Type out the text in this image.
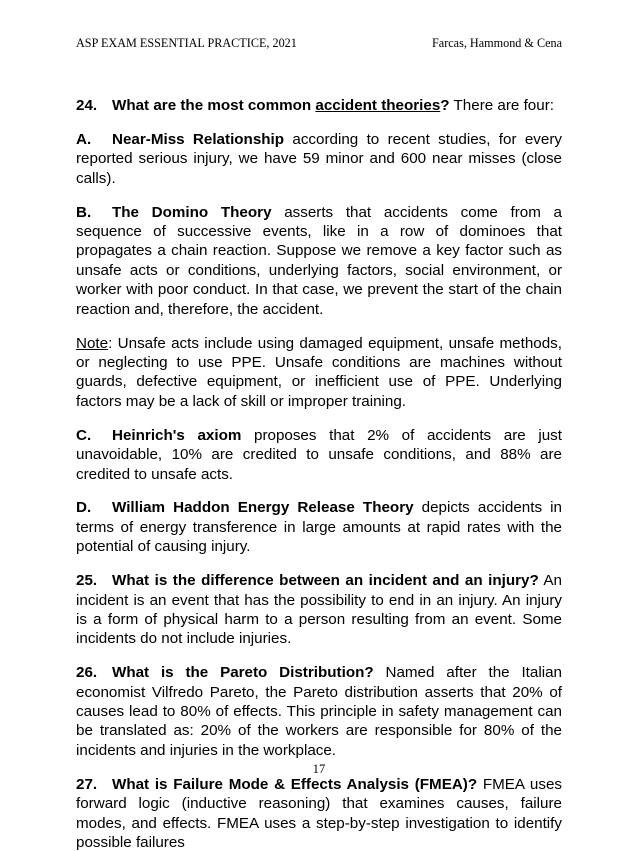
ASP EXAM ESSENTIAL PRACTICE, 2021	Farcas, Hammond & Cena

24. What are the most common accident theories? There are four:

A. Near-Miss Relationship according to recent studies, for every reported serious injury, we have 59 minor and 600 near misses (close calls).

B. The Domino Theory asserts that accidents come from a sequence of successive events, like in a row of dominoes that propagates a chain reaction. Suppose we remove a key factor such as unsafe acts or conditions, underlying factors, social environment, or worker with poor conduct. In that case, we prevent the start of the chain reaction and, therefore, the accident.

Note: Unsafe acts include using damaged equipment, unsafe methods, or neglecting to use PPE. Unsafe conditions are machines without guards, defective equipment, or inefficient use of PPE. Underlying factors may be a lack of skill or improper training.

C. Heinrich's axiom proposes that 2% of accidents are just unavoidable, 10% are credited to unsafe conditions, and 88% are credited to unsafe acts.

D. William Haddon Energy Release Theory depicts accidents in terms of energy transference in large amounts at rapid rates with the potential of causing injury.

25. What is the difference between an incident and an injury? An incident is an event that has the possibility to end in an injury. An injury is a form of physical harm to a person resulting from an event. Some incidents do not include injuries.

26. What is the Pareto Distribution? Named after the Italian economist Vilfredo Pareto, the Pareto distribution asserts that 20% of causes lead to 80% of effects. This principle in safety management can be translated as: 20% of the workers are responsible for 80% of the incidents and injuries in the workplace.

27. What is Failure Mode & Effects Analysis (FMEA)? FMEA uses forward logic (inductive reasoning) that examines causes, failure modes, and effects. FMEA uses a step-by-step investigation to identify possible failures

17
